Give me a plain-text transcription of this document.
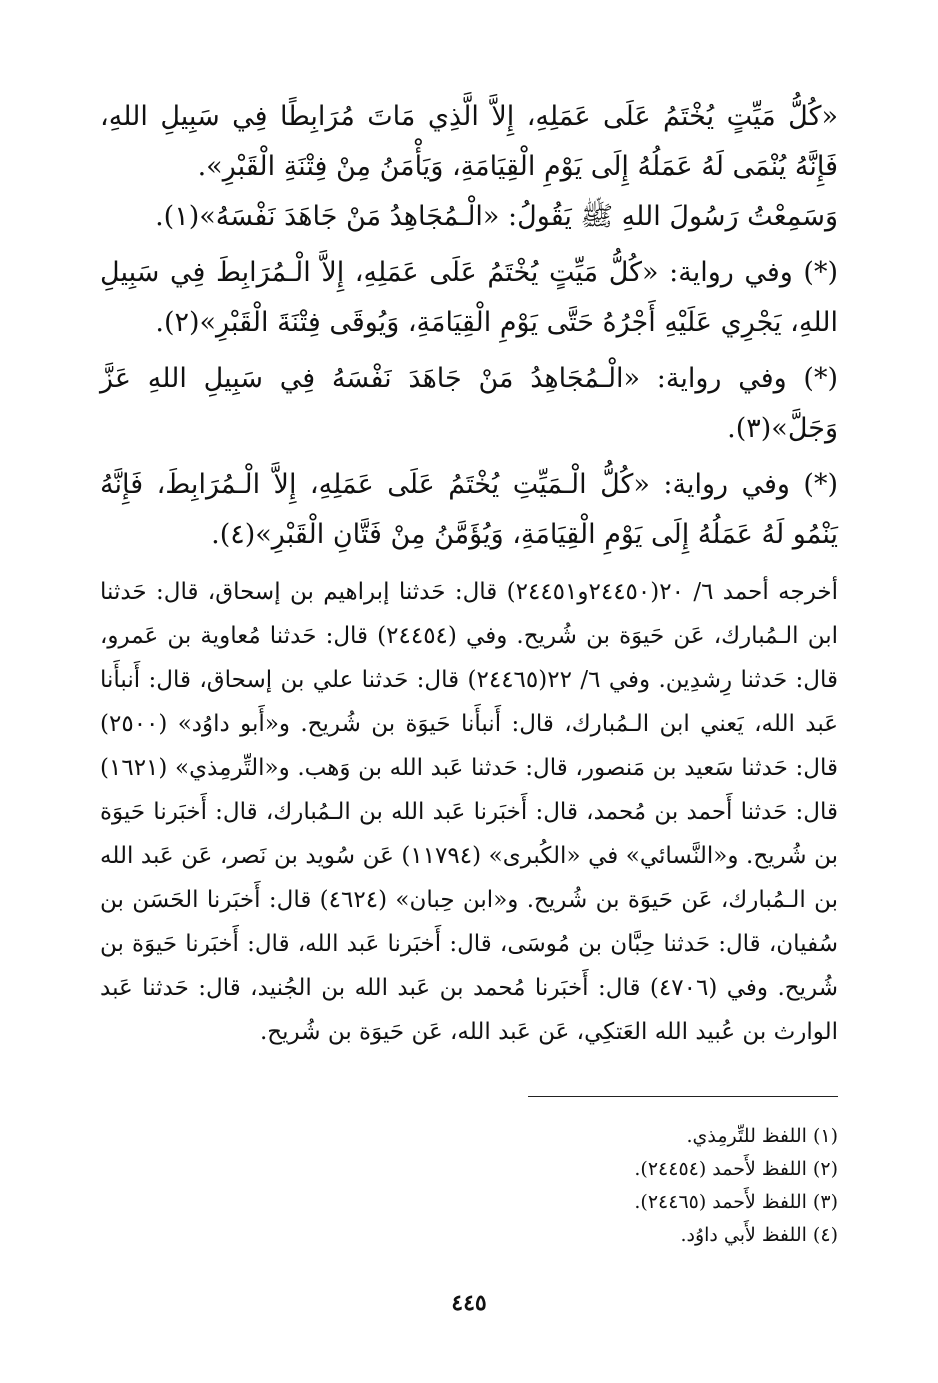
«كُلُّ مَيِّتٍ يُخْتَمُ عَلَى عَمَلِهِ، إِلاَّ الَّذِي مَاتَ مُرَابِطًا فِي سَبِيلِ اللهِ، فَإِنَّهُ يُنْمَى لَهُ عَمَلُهُ إِلَى يَوْمِ الْقِيَامَةِ، وَيَأْمَنُ مِنْ فِتْنَةِ الْقَبْرِ».

وَسَمِعْتُ رَسُولَ اللهِ ﷺ يَقُولُ: «الْـمُجَاهِدُ مَنْ جَاهَدَ نَفْسَهُ»(١).

(*) وفي رواية: «كُلُّ مَيِّتٍ يُخْتَمُ عَلَى عَمَلِهِ، إِلاَّ الْـمُرَابِطَ فِي سَبِيلِ اللهِ، يَجْرِي عَلَيْهِ أَجْرُهُ حَتَّى يَوْمِ الْقِيَامَةِ، وَيُوقَى فِتْنَةَ الْقَبْرِ»(٢).

(*) وفي رواية: «الْـمُجَاهِدُ مَنْ جَاهَدَ نَفْسَهُ فِي سَبِيلِ اللهِ عَزَّ وَجَلَّ»(٣).

(*) وفي رواية: «كُلُّ الْـمَيِّتِ يُخْتَمُ عَلَى عَمَلِهِ، إِلاَّ الْـمُرَابِطَ، فَإِنَّهُ يَنْمُو لَهُ عَمَلُهُ إِلَى يَوْمِ الْقِيَامَةِ، وَيُؤَمَّنُ مِنْ فَتَّانِ الْقَبْرِ»(٤).

أخرجه أحمد ٦/ ٢٠(٢٤٤٥٠و٢٤٤٥١) قال: حَدثنا إبراهيم بن إسحاق، قال: حَدثنا ابن الـمُبارك، عَن حَيوَة بن شُريح. وفي (٢٤٤٥٤) قال: حَدثنا مُعاوية بن عَمرو، قال: حَدثنا رِشدِين. وفي ٦/ ٢٢(٢٤٤٦٥) قال: حَدثنا علي بن إسحاق، قال: أَنبأَنا عَبد الله، يَعني ابن الـمُبارك، قال: أَنبأَنا حَيوَة بن شُريح. و«أَبو داوُد» (٢٥٠٠) قال: حَدثنا سَعيد بن مَنصور، قال: حَدثنا عَبد الله بن وَهب. و«التِّرمِذي» (١٦٢١) قال: حَدثنا أَحمد بن مُحمد، قال: أَخبَرنا عَبد الله بن الـمُبارك، قال: أَخبَرنا حَيوَة بن شُريح. و«النَّسائي» في «الكُبرى» (١١٧٩٤) عَن سُويد بن نَصر، عَن عَبد الله بن الـمُبارك، عَن حَيوَة بن شُريح. و«ابن حِبان» (٤٦٢٤) قال: أَخبَرنا الحَسَن بن سُفيان، قال: حَدثنا حِبَّان بن مُوسَى، قال: أَخبَرنا عَبد الله، قال: أَخبَرنا حَيوَة بن شُريح. وفي (٤٧٠٦) قال: أَخبَرنا مُحمد بن عَبد الله بن الجُنيد، قال: حَدثنا عَبد الوارث بن عُبيد الله العَتكِي، عَن عَبد الله، عَن حَيوَة بن شُريح.

(١) اللفظ للتِّرمِذي.

(٢) اللفظ لأَحمد (٢٤٤٥٤).

(٣) اللفظ لأَحمد (٢٤٤٦٥).

(٤) اللفظ لأَبي داوُد.

٤٤٥
